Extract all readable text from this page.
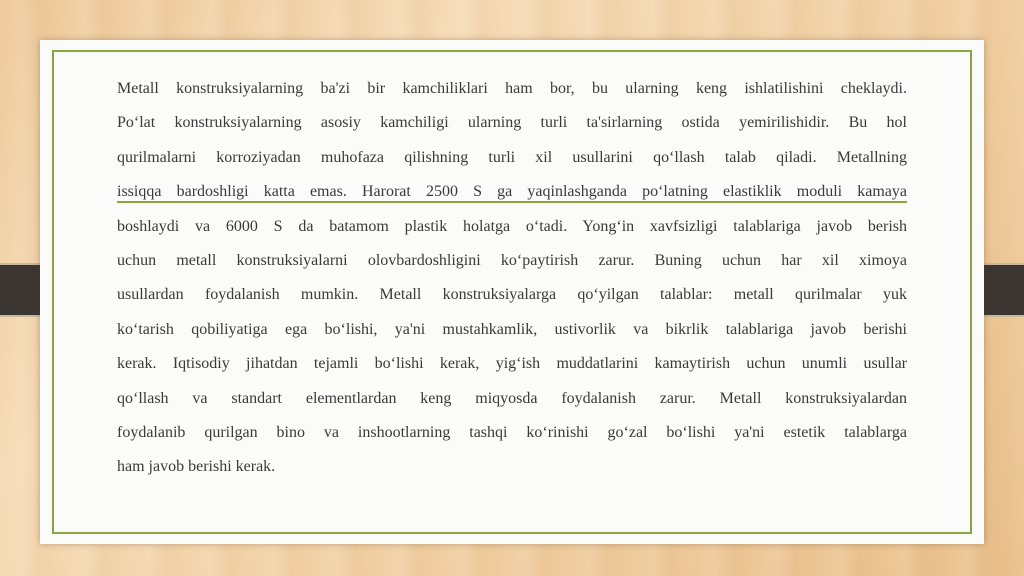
Metall konstruksiyalarning ba'zi bir kamchiliklari ham bor, bu ularning keng ishlatilishini cheklaydi.
Po‘lat konstruksiyalarning asosiy kamchiligi ularning turli ta'sirlarning ostida yemirilishidir. Bu hol
qurilmalarni korroziyadan muhofaza qilishning turli xil usullarini qo‘llash talab qiladi. Metallning
issiqqa bardoshligi katta emas. Harorat 2500 S ga yaqinlashganda po‘latning elastiklik moduli kamaya
boshlaydi va 6000 S da batamom plastik holatga o‘tadi. Yong‘in xavfsizligi talablariga javob berish
uchun metall konstruksiyalarni olovbardoshligini ko‘paytirish zarur. Buning uchun har xil ximoya
usullardan foydalanish mumkin. Metall konstruksiyalarga qo‘yilgan talablar: metall qurilmalar yuk
ko‘tarish qobiliyatiga ega bo‘lishi, ya'ni mustahkamlik, ustivorlik va bikrlik talablariga javob berishi
kerak. Iqtisodiy jihatdan tejamli bo‘lishi kerak, yig‘ish muddatlarini kamaytirish uchun unumli usullar
qo‘llash va standart elementlardan keng miqyosda foydalanish zarur. Metall konstruksiyalardan
foydalanib qurilgan bino va inshootlarning tashqi ko‘rinishi go‘zal bo‘lishi ya'ni estetik talablarga
ham javob berishi kerak.
